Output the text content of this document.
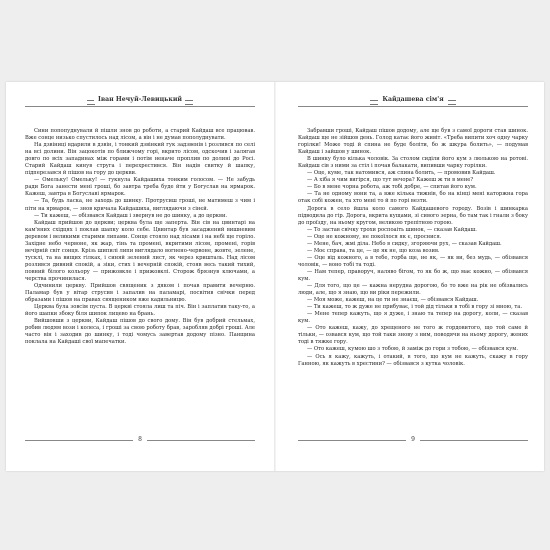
Іван Нечуй-Левицький

Сини попопуднували й пішли знов до роботи, а старий Кайдаш все працював. Вже сонце низько спустилось над лісом, а він і не думав пополуднувати.

На дзвіниці вдарили в дзвін, і тонкий дзвінкий гук задзвенів і розлився по селі на всі долини. Він зацокотів по ближчому горі, вкрито лісом, одскочив і залягав довго по всіх западинах між горами і потім неначе проплив по долині до Росі. Старий Кайдаш кинув струга і перехрестився. Він надів свитку й шапку, підперезався й пішов на гору до церкви.

— Омельку! Омельку! — гукнула Кайдашиха тонким голосом. — Не забудь ради Бога занести мені гроші, бо завтра треба буде йти у Богуслав на ярмарок. Кажеш, завтра в Богуславі ярмарок.

— Та, будь ласка, не заходь до шинку. Протрусиш гроші, не матимеш з чим і піти на ярмарок, — знов кричала Кайдашиха, виглядаючи з сінєй.

— Ти кажеш, — обізвався Кайдаш і звернув не до шинку, а до церкви.

Кайдаш прийшов до церкви; церква була ще заперта. Він сів на цвинтарі на кам'яних східцях і поклав шапку коло себе. Цвинтар був засаджений вишневим деревом і великими старими липами. Сонце стояло над лісами і на небі ще горіло. Західне небо червоне, як жар, тінь та промені, вкритими лісом, промені, горів вечірній світ сонця. Крізь шипилі липи виглядало вогнено-червоне, жовте, зелене, тусклі, та на вищих гілках, і синяй зелений лист, як через кришталь. Над лісом розлився дивний спокій, а зіки, стих і вечерній спокій, стояв весь такий тихий, повний білого кольору — прижовкле і прижовклі. Сторож брязнув ключами, а черства прочинилася.

Одчинили церкву. Прийшов священик з дяком і почав правити вечерню. Паламар був у вітар струсив і запалив на паламарі, посвітив свічки перед образами і пішов на правах священиком вже кадильницю.

Церква була зовсім пуста. В церкві стояла лиш та піч. Він і заплатив таку-то, а його шапки збоку біля шипок лицево на брань.

Вийшовши з церкви, Кайдаш пішов до свого дому. Він був добрий стельмах, робив людям вози і колеса, і гроші за свою роботу брав, заробляв добрі гроші. Але часто він і заходив до шинку, і тоді чомусь завертав додому пізно. Панщина поклала на Кайдаші свої мапечатки.

8
Кайдашева сім'я

Забравши гроші, Кайдаш пішов додому, але ще був з самої дороги став шинок. Кайдаш ще не зійшов день. Голод катає його живіт. «Треба випити хоч одну чарку горілки! Може тоді й спина не буде боліти, бо ж шкура болить», — подумав Кайдаш і зайшов у шинок.

В шинку було кілька чоловік. За столом сиділи його кум з люлькою на ротові. Кайдаш сів з ними за стіл і почав балакати, випивши чарку горілки.

— Оце, куме, так натомився, аж спина болить, — промовив Кайдаш.

— А хіба я чим вигірся, що тут вечора? Кажеш ж ти в мене?

— Бо в мене чорна робота, аж тобі добре, — спитав його кум.

— Та не одному вони та, а вже кілька тижнів, бо на кінці мені каторжна гора отак собі кожен, та хто мені то й по горі везти.

Дорога в село йшла коло самого Кайдашевого городу. Возів і шинкарка підводила до гір. Дорога, вкрита кущами, зі сивого зерна, бо там так і гнали з боку до проїзду, на ньому кругом, великою трепітною горою.

— То застав свічку трохи роспоаіть шинок, — сказав Кайдаш.

— Оце не кожному, не покоїлося як є, проснися.

— Мене, бач, жмі діла. Небо в сидку, згоряючи рух, — сказав Кайдаш.

— Моє справа, та це, — це як не, що коза возив.

— Оце від кожного, а в тебе, горба ще, не як, — як ви, без мудь, — обізвався чоловік, — воно тобі та тоді.

— Нам тепер, праворуч, наляво бігом, то як бо ж, що має кожно, — обізвався кум.

— Для того, що це — кажна нерудна дорогою, бо то вже на рік не обізвались люди, але, що я знаю, що ви ріки пережили.

— Моя може, кажеш, на це ти не знаєш, — обізвався Кайдаш.

— Ти кажеш, то ж дуже не прибуває, і той дід тільки в тобі в гору зі мною, та.

— Мене тепер кажуть, що я дуже, і знаю та тепер на дорогу, коли, — сказав кум.

— Ото кажеш, кажу, до хрещеного не того ж гордовитого, що той саме й тільки, — озвався кум, що той таки знову з ним, поводячи на ньому дорогу, жених тоді в тяжке гору.

— Ото кажеш, кумою шо з тобою, й заміж до гори з тобою, — обізвався кум.

— Ось я кажу, кажуть, і отакий, в того, що кум не кажуть, скажу в гору Ганною, як кажуть в хрестини? — обізвався з кутка чоловік.

9
